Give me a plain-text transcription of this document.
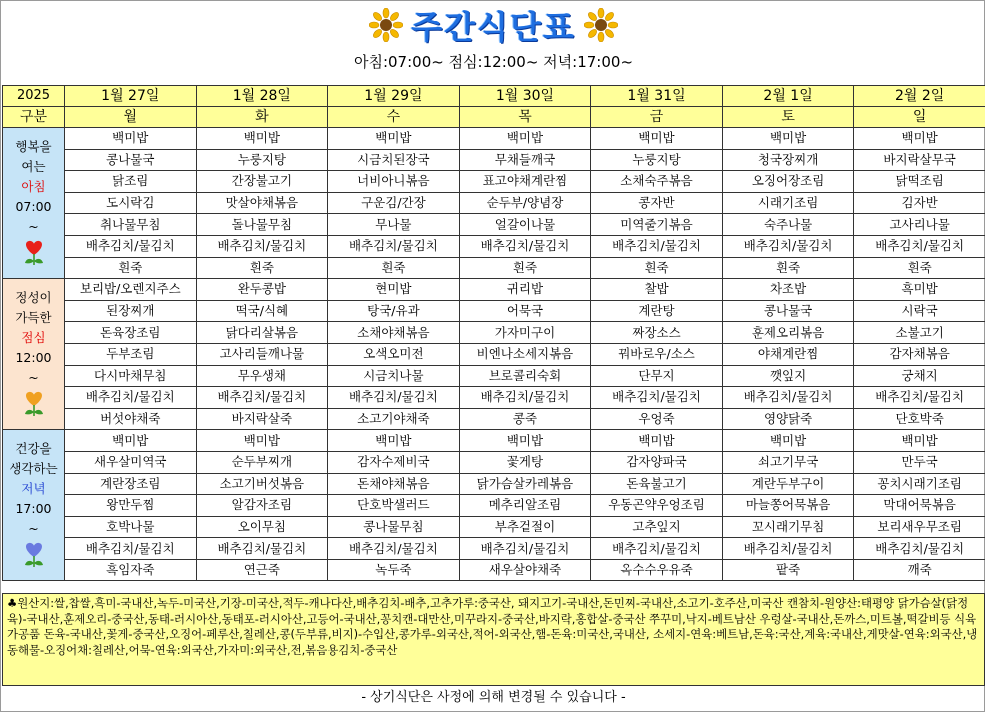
주간식단표
아침:07:00~ 점심:12:00~ 저녁:17:00~
2025	1월 27일	1월 28일	1월 29일	1월 30일	1월 31일	2월 1일	2월 2일
구분	월	화	수	목	금	토	일

행복을
여는
아침
07:00
~	백미밥	백미밥	백미밥	백미밥	백미밥	백미밥	백미밥
	콩나물국	누룽지탕	시금치된장국	무채들깨국	누룽지탕	청국장찌개	바지락살무국
	닭조림	간장불고기	너비아니볶음	표고야채계란찜	소채숙주볶음	오징어장조림	닭떡조림
	도시락김	맛살야채볶음	구운김/간장	순두부/양념장	콩자반	시래기조림	김자반
	취나물무침	돌나물무침	무나물	얼갈이나물	미역줄기볶음	숙주나물	고사리나물
	배추김치/물김치	배추김치/물김치	배추김치/물김치	배추김치/물김치	배추김치/물김치	배추김치/물김치	배추김치/물김치
	흰죽	흰죽	흰죽	흰죽	흰죽	흰죽	흰죽

정성이
가득한
점심
12:00
~	보리밥/오렌지주스	완두콩밥	현미밥	귀리밥	찰밥	차조밥	흑미밥
	된장찌개	떡국/식혜	탕국/유과	어묵국	계란탕	콩나물국	시락국
	돈육장조림	닭다리살볶음	소채야채볶음	가자미구이	짜장소스	훈제오리볶음	소불고기
	두부조림	고사리들깨나물	오색오미전	비엔나소세지볶음	꿔바로우/소스	야채계란찜	감자채볶음
	다시마채무침	무우생채	시금치나물	브로콜리숙회	단무지	깻잎지	궁채지
	배추김치/물김치	배추김치/물김치	배추김치/물김치	배추김치/물김치	배추김치/물김치	배추김치/물김치	배추김치/물김치
	버섯야채죽	바지락살죽	소고기야채죽	콩죽	우엉죽	영양닭죽	단호박죽

건강을
생각하는
저녁
17:00
~	백미밥	백미밥	백미밥	백미밥	백미밥	백미밥	백미밥
	새우살미역국	순두부찌개	감자수제비국	꽃게탕	감자양파국	쇠고기무국	만두국
	계란장조림	소고기버섯볶음	돈채야채볶음	닭가슴살카레볶음	돈육불고기	계란두부구이	꽁치시래기조림
	왕만두찜	알감자조림	단호박샐러드	메추리알조림	우동곤약우엉조림	마늘쫑어묵볶음	막대어묵볶음
	호박나물	오이무침	콩나물무침	부추겉절이	고추잎지	꼬시래기무침	보리새우무조림
	배추김치/물김치	배추김치/물김치	배추김치/물김치	배추김치/물김치	배추김치/물김치	배추김치/물김치	배추김치/물김치
	흑임자죽	연근죽	녹두죽	새우살야채죽	옥수수우유죽	팥죽	깨죽
♣원산지:쌀,찹쌀,흑미-국내산,녹두-미국산,기장-미국산,적두-캐나다산,배추김치-배추,고추가루:중국산, 돼지고기-국내산,돈민찌-국내산,소고기-호주산,미국산 캔참치-원양산:태평양 닭가슴살(닭정육)-국내산,훈제오리-중국산,동태-러시아산,동태포-러시아산,고등어-국내산,꽁치캔-대만산,미꾸라지-중국산,바지락,홍합살-중국산 쭈꾸미,낙지-베트남산 우렁살-국내산,돈까스,미트볼,떡갈비등 식육가공품 돈육-국내산,꽃게-중국산,오징어-페루산,칠레산,콩(두부류,비지)-수입산,콩가루-외국산,적어-외국산,햄-돈육:미국산,국내산, 소세지-연육:베트남,돈육:국산,계육:국내산,게맛살-연육:외국산,냉동해물-오징어채:칠레산,어묵-연육:외국산,가자미:외국산,전,볶음용김치-중국산
- 상기식단은 사정에 의해 변경될 수 있습니다 -
